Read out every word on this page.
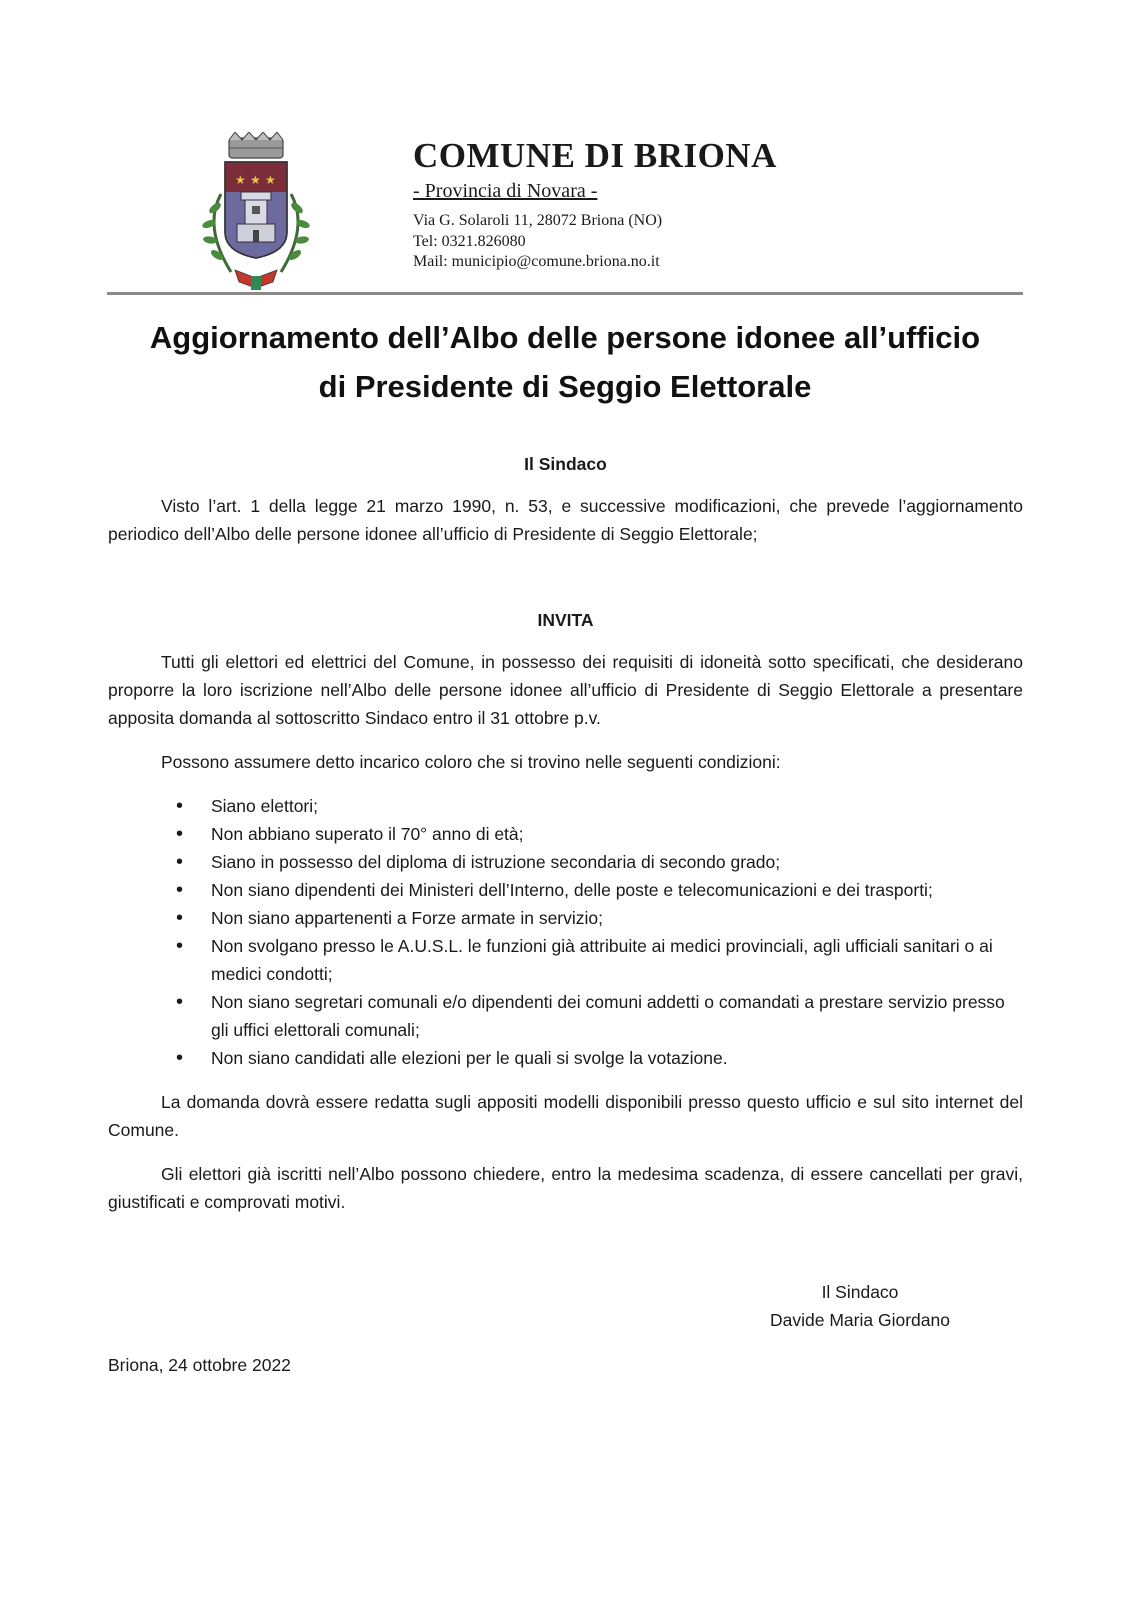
★ ★ ★
COMUNE DI BRIONA
- Provincia di Novara -
Via G. Solaroli 11, 28072 Briona (NO)
Tel: 0321.826080
Mail: municipio@comune.briona.no.it
Aggiornamento dell’Albo delle persone idonee all’ufficio
di Presidente di Seggio Elettorale

Il Sindaco

Visto l’art. 1 della legge 21 marzo 1990, n. 53, e successive modificazioni, che prevede l’aggiornamento periodico dell’Albo delle persone idonee all’ufficio di Presidente di Seggio Elettorale;

INVITA

Tutti gli elettori ed elettrici del Comune, in possesso dei requisiti di idoneità sotto specificati, che desiderano proporre la loro iscrizione nell’Albo delle persone idonee all’ufficio di Presidente di Seggio Elettorale a presentare apposita domanda al sottoscritto Sindaco entro il 31 ottobre p.v.

Possono assumere detto incarico coloro che si trovino nelle seguenti condizioni:

• Siano elettori;
• Non abbiano superato il 70° anno di età;
• Siano in possesso del diploma di istruzione secondaria di secondo grado;
• Non siano dipendenti dei Ministeri dell’Interno, delle poste e telecomunicazioni e dei trasporti;
• Non siano appartenenti a Forze armate in servizio;
• Non svolgano presso le A.U.S.L. le funzioni già attribuite ai medici provinciali, agli ufficiali sanitari o ai medici condotti;
• Non siano segretari comunali e/o dipendenti dei comuni addetti o comandati a prestare servizio presso gli uffici elettorali comunali;
• Non siano candidati alle elezioni per le quali si svolge la votazione.

La domanda dovrà essere redatta sugli appositi modelli disponibili presso questo ufficio e sul sito internet del Comune.

Gli elettori già iscritti nell’Albo possono chiedere, entro la medesima scadenza, di essere cancellati per gravi, giustificati e comprovati motivi.

Il Sindaco
Davide Maria Giordano
Briona, 24 ottobre 2022
